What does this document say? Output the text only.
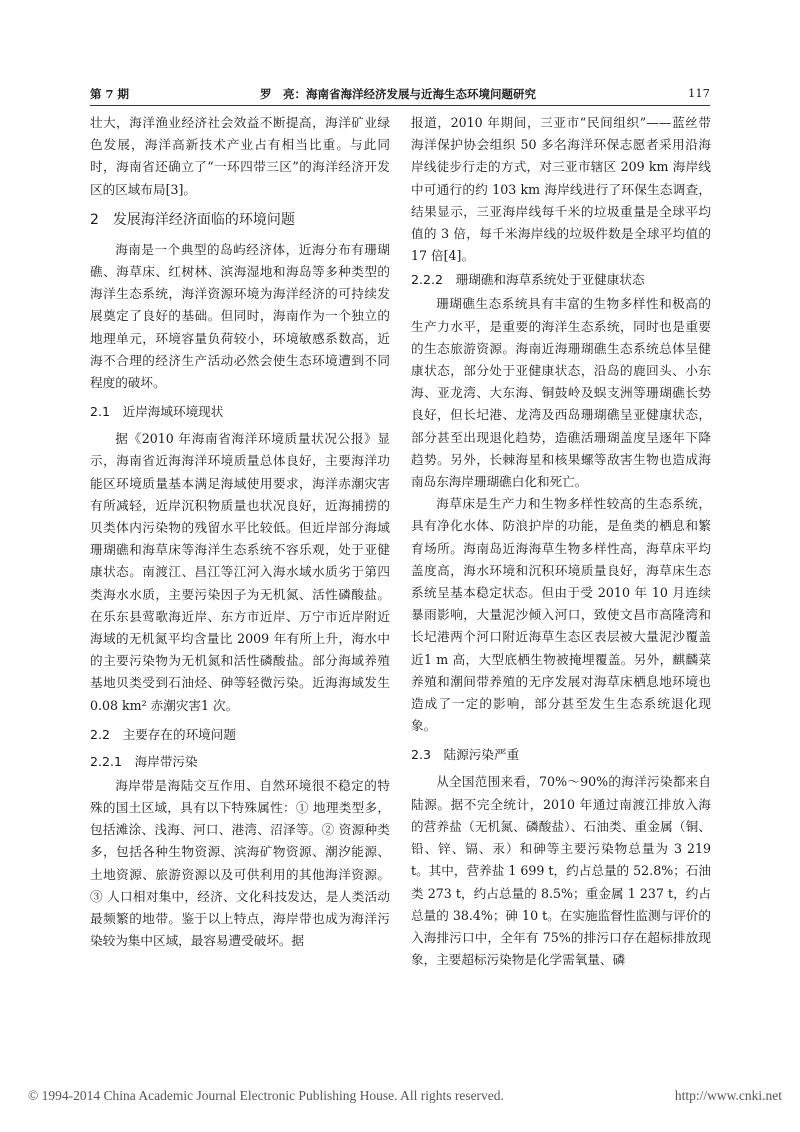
第 7 期	罗　亮：海南省海洋经济发展与近海生态环境问题研究	117

壮大，海洋渔业经济社会效益不断提高，海洋矿业绿色发展，海洋高新技术产业占有相当比重。与此同时，海南省还确立了“一环四带三区”的海洋经济开发区的区域布局[3]。

2　发展海洋经济面临的环境问题

海南是一个典型的岛屿经济体，近海分布有珊瑚礁、海草床、红树林、滨海湿地和海岛等多种类型的海洋生态系统，海洋资源环境为海洋经济的可持续发展奠定了良好的基础。但同时，海南作为一个独立的地理单元，环境容量负荷较小，环境敏感系数高，近海不合理的经济生产活动必然会使生态环境遭到不同程度的破坏。

2.1　近岸海域环境现状

据《2010 年海南省海洋环境质量状况公报》显示，海南省近海海洋环境质量总体良好，主要海洋功能区环境质量基本满足海域使用要求，海洋赤潮灾害有所减轻，近岸沉积物质量也状况良好，近海捕捞的贝类体内污染物的残留水平比较低。但近岸部分海域珊瑚礁和海草床等海洋生态系统不容乐观，处于亚健康状态。南渡江、昌江等江河入海水域水质劣于第四类海水水质，主要污染因子为无机氮、活性磷酸盐。在乐东县莺歌海近岸、东方市近岸、万宁市近岸附近海域的无机氮平均含量比 2009 年有所上升，海水中的主要污染物为无机氮和活性磷酸盐。部分海域养殖基地贝类受到石油烃、砷等轻微污染。近海海域发生 0.08 km² 赤潮灾害1 次。

2.2　主要存在的环境问题
2.2.1　海岸带污染

海岸带是海陆交互作用、自然环境很不稳定的特殊的国土区域，具有以下特殊属性：① 地理类型多，包括滩涂、浅海、河口、港湾、沼泽等。② 资源种类多，包括各种生物资源、滨海矿物资源、潮汐能源、土地资源、旅游资源以及可供利用的其他海洋资源。③ 人口相对集中，经济、文化科技发达，是人类活动最频繁的地带。鉴于以上特点，海岸带也成为海洋污染较为集中区域，最容易遭受破坏。据

报道，2010 年期间，三亚市“民间组织”——蓝丝带海洋保护协会组织 50 多名海洋环保志愿者采用沿海岸线徒步行走的方式，对三亚市辖区 209 km 海岸线中可通行的约 103 km 海岸线进行了环保生态调查，结果显示，三亚海岸线每千米的垃圾重量是全球平均值的 3 倍，每千米海岸线的垃圾件数是全球平均值的 17 倍[4]。

2.2.2　珊瑚礁和海草系统处于亚健康状态

珊瑚礁生态系统具有丰富的生物多样性和极高的生产力水平，是重要的海洋生态系统，同时也是重要的生态旅游资源。海南近海珊瑚礁生态系统总体呈健康状态，部分处于亚健康状态，沿岛的鹿回头、小东海、亚龙湾、大东海、铜鼓岭及蜈支洲等珊瑚礁长势良好，但长圮港、龙湾及西岛珊瑚礁呈亚健康状态，部分甚至出现退化趋势，造礁活珊瑚盖度呈逐年下降趋势。另外，长棘海星和核果螺等敌害生物也造成海南岛东海岸珊瑚礁白化和死亡。

海草床是生产力和生物多样性较高的生态系统，具有净化水体、防浪护岸的功能，是鱼类的栖息和繁育场所。海南岛近海海草生物多样性高，海草床平均盖度高，海水环境和沉积环境质量良好，海草床生态系统呈基本稳定状态。但由于受 2010 年 10 月连续暴雨影响，大量泥沙倾入河口，致使文昌市高隆湾和长圮港两个河口附近海草生态区表层被大量泥沙覆盖近1 m 高，大型底栖生物被掩埋覆盖。另外，麒麟菜养殖和潮间带养殖的无序发展对海草床栖息地环境也造成了一定的影响，部分甚至发生生态系统退化现象。

2.3　陆源污染严重

从全国范围来看，70%～90%的海洋污染都来自陆源。据不完全统计，2010 年通过南渡江排放入海的营养盐（无机氮、磷酸盐）、石油类、重金属（铜、铅、锌、镉、汞）和砷等主要污染物总量为 3 219 t。其中，营养盐 1 699 t，约占总量的 52.8%；石油类 273 t，约占总量的 8.5%；重金属 1 237 t，约占总量的 38.4%；砷 10 t。在实施监督性监测与评价的入海排污口中，全年有 75%的排污口存在超标排放现象，主要超标污染物是化学需氧量、磷

© 1994-2014 China Academic Journal Electronic Publishing House. All rights reserved.	http://www.cnki.net
